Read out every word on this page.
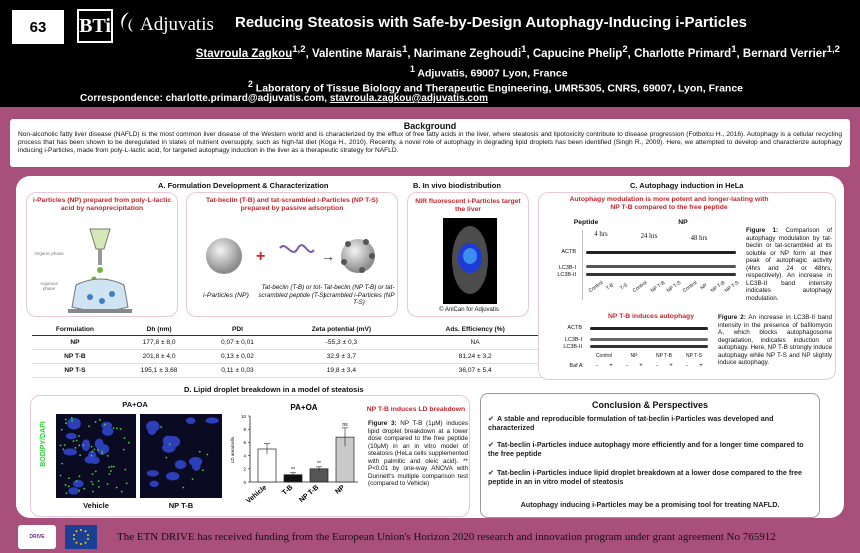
63	BTi Adjuvatis Reducing Steatosis with Safe-by-Design Autophagy-Inducing i-Particles
Stavroula Zagkou$^{1,2}$, Valentine Marais$^1$, Narimane Zeghoudi$^1$, Capucine Phelip$^2$, Charlotte Primard$^1$, Bernard Verrier$^{1,2}$
$^1$ Adjuvatis, 69007 Lyon, France
$^2$ Laboratory of Tissue Biology and Therapeutic Engineering, UMR5305, CNRS, 69007, Lyon, France
Correspondence: charlotte.primard@adjuvatis.com, stavroula.zagkou@adjuvatis.com
Background

Non-alcoholic fatty liver disease (NAFLD) is the most common liver disease of the Western world and is characterized by the efflux of free fatty acids in the liver, where steatosis and lipotoxicity contribute to disease progression (Fotbolcu H., 2016). Autophagy is a cellular recycling process that has been shown to be deregulated in states of nutrient oversupply, such as high-fat diet (Koga H., 2010). Recently, a novel role of autophagy in degrading lipid droplets has been identified (Singh R., 2009). Here, we attempted to develop and characterize autophagy inducing i-Particles, made from poly-L-lactic acid, for targeted autophagy induction in the liver as a therapeutic strategy for NAFLD.

A. Formulation Development & Characterization
i-Particles (NP) prepared from poly-L-lactic acid by nanoprecipitation
Organic phase
Aqueous phase
Tat-beclin (T-B) and tat-scrambled i-Particles (NP T-S) prepared by passive adsorption
+	→
i-Particles (NP)
Tat-beclin (T-B) or tot-scrambled peptide (T-S)
Tat-beclin (NP T-B) or tat-scrambled i-Particles (NP T-S)
Formulation	Dh (nm)	PDI	Zeta potential (mV)	Ads. Efficiency (%)
NP	177,8 ± 8,0	0,07 ± 0,01	-55,3 ± 0,3	NA
NP T-B	201,8 ± 4,0	0,13 ± 0,02	32,9 ± 3,7	81,24 ± 3,2
NP T-S	195,1 ± 3,68	0,11 ± 0,03	19,8 ± 3,4	36,07 ± 5,4
B. In vivo biodistribution
NIR fluorescent i-Particles target the liver
© AniCan for Adjuvatis
C. Autophagy induction in HeLa
Autophagy modulation is more potent and longer-lasting with NP T-B compared to the free peptide
Peptide	NP
4 hrs	24 hrs	48 hrs
ACTB
LC3B-I
LC3B-II
Control T-B T-S Control NP T-B NP T-S Control NP NP T-B
NP T-S
Figure 1: Comparison of autophagy modulation by tat-beclin or tat-scrambled at its soluble or NP form at their peak of autophagic activity (4hrs and 24 or 48hrs, respectively). An increase in LC3B-II band intensity indicates autophagy modulation.
NP T-B induces autophagy
ACTB
LC3B-I
LC3B-II
Control	NP	NP T-B	NP T-S
Baf A	-	+	-	+	-	+	-	+
Figure 2: An increase in LC3B-II band intensity in the presence of bafilomycin A, which blocks autophagosome degradation, indicates induction of autophagy. Here, NP T-B strongly induce autophagy while NP T-S and NP slightly induce autophagy.
D. Lipid droplet breakdown in a model of steatosis
PA+OA
BODIPY/DAPI
Vehicle	NP T-B
PA+OA
0
2
4
6
8
10
LD area/cells
Vehicle
**
T-B
**
NP T-B
ns
NP
NP T-B induces LD breakdown
Figure 3: NP T-B (1μM) induces lipid droplet breakdown at a lower dose compared to the free peptide (10μM) in an in vitro model of steatosis (HeLa cells supplemented with palmitic and oleic acid). ** P<0.01 by one-way ANOVA with Dunnett's multiple comparison test (compared to Vehicle)
Conclusion & Perspectives
✔ A stable and reproducible formulation of tat-beclin i-Particles was developed and characterized
✔ Tat-beclin i-Particles induce autophagy more efficiently and for a longer time compared to the free peptide
✔ Tat-beclin i-Particles induce lipid droplet breakdown at a lower dose compared to the free peptide in an in vitro model of steatosis
Autophagy inducing i-Particles may be a promising tool for treating NAFLD.
DRIVE	The ETN DRIVE has received funding from the European Union's Horizon 2020 research and innovation program under grant agreement No 765912
